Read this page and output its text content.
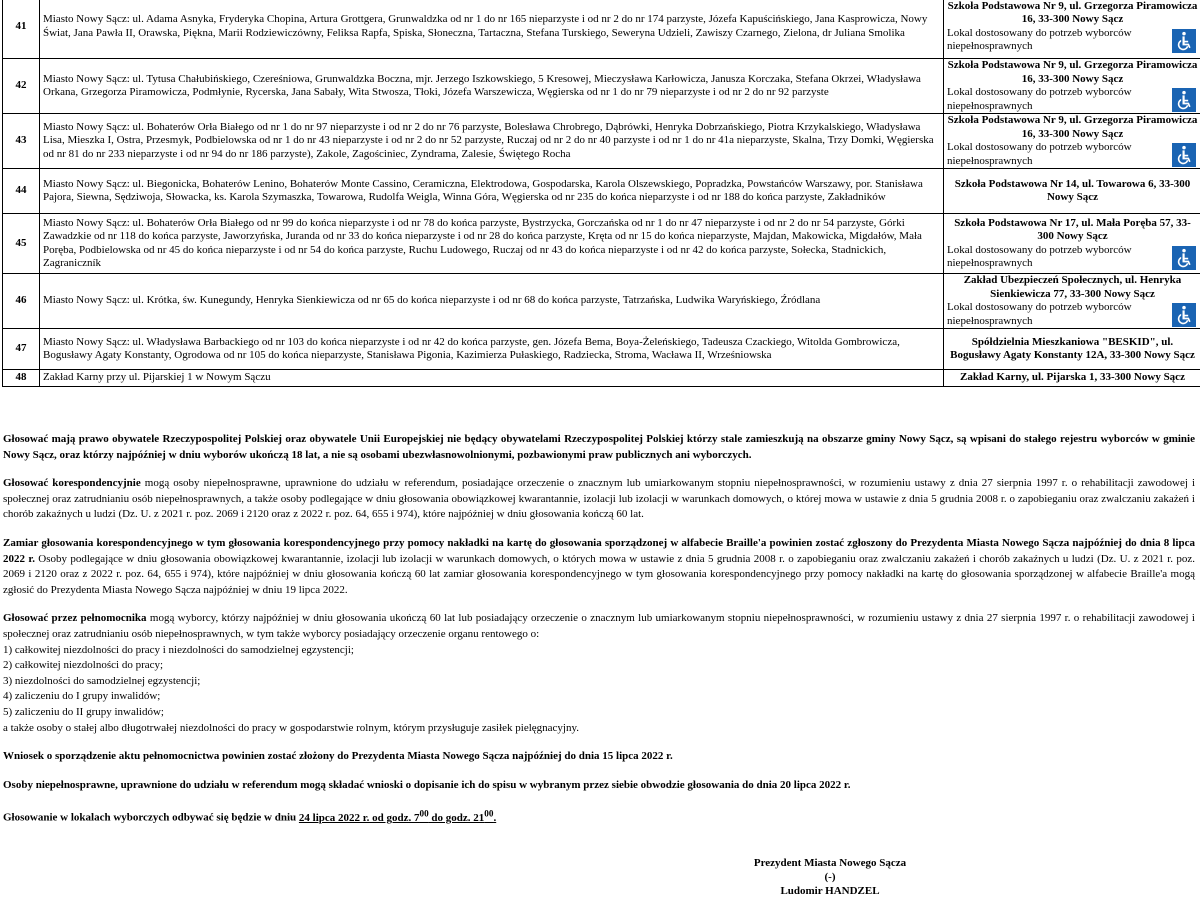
41	Miasto Nowy Sącz: ul. Adama Asnyka, Fryderyka Chopina, Artura Grottgera, Grunwaldzka od nr 1 do nr 165 nieparzyste i od nr 2 do nr 174 parzyste, Józefa Kapuścińskiego, Jana Kasprowicza, Nowy Świat, Jana Pawła II, Orawska, Piękna, Marii Rodziewiczówny, Feliksa Rapfa, Spiska, Słoneczna, Tartaczna, Stefana Turskiego, Seweryna Udzieli, Zawiszy Czarnego, Zielona, dr Juliana Smolika	Szkoła Podstawowa Nr 9, ul. Grzegorza Piramowicza 16, 33-300 Nowy Sącz
Lokal dostosowany do potrzeb wyborców niepełnosprawnych

42	Miasto Nowy Sącz: ul. Tytusa Chałubińskiego, Czereśniowa, Grunwaldzka Boczna, mjr. Jerzego Iszkowskiego, 5 Kresowej, Mieczysława Karłowicza, Janusza Korczaka, Stefana Okrzei, Władysława Orkana, Grzegorza Piramowicza, Podmłynie, Rycerska, Jana Sabały, Wita Stwosza, Tłoki, Józefa Warszewicza, Węgierska od nr 1 do nr 79 nieparzyste i od nr 2 do nr 92 parzyste	Szkoła Podstawowa Nr 9, ul. Grzegorza Piramowicza 16, 33-300 Nowy Sącz
Lokal dostosowany do potrzeb wyborców niepełnosprawnych

43	Miasto Nowy Sącz: ul. Bohaterów Orła Białego od nr 1 do nr 97 nieparzyste i od nr 2 do nr 76 parzyste, Bolesława Chrobrego, Dąbrówki, Henryka Dobrzańskiego, Piotra Krzykalskiego, Władysława Lisa, Mieszka I, Ostra, Przesmyk, Podbielowska od nr 1 do nr 43 nieparzyste i od nr 2 do nr 52 parzyste, Ruczaj od nr 2 do nr 40 parzyste i od nr 1 do nr 41a nieparzyste, Skalna, Trzy Domki, Węgierska od nr 81 do nr 233 nieparzyste i od nr 94 do nr 186 parzyste), Zakole, Zagościniec, Zyndrama, Zalesie, Świętego Rocha	Szkoła Podstawowa Nr 9, ul. Grzegorza Piramowicza 16, 33-300 Nowy Sącz
Lokal dostosowany do potrzeb wyborców niepełnosprawnych

44	Miasto Nowy Sącz: ul. Biegonicka, Bohaterów Lenino, Bohaterów Monte Cassino, Ceramiczna, Elektrodowa, Gospodarska, Karola Olszewskiego, Popradzka, Powstańców Warszawy, por. Stanisława Pajora, Siewna, Sędziwoja, Słowacka, ks. Karola Szymaszka, Towarowa, Rudolfa Weigla, Winna Góra, Węgierska od nr 235 do końca nieparzyste i od nr 188 do końca parzyste, Zakładników	Szkoła Podstawowa Nr 14, ul. Towarowa 6, 33-300 Nowy Sącz

45	Miasto Nowy Sącz: ul. Bohaterów Orła Białego od nr 99 do końca nieparzyste i od nr 78 do końca parzyste, Bystrzycka, Gorczańska od nr 1 do nr 47 nieparzyste i od nr 2 do nr 54 parzyste, Górki Zawadzkie od nr 118 do końca parzyste, Jaworzyńska, Juranda od nr 33 do końca nieparzyste i od nr 28 do końca parzyste, Kręta od nr 15 do końca nieparzyste, Majdan, Makowicka, Migdałów, Mała Poręba, Podbielowska od nr 45 do końca nieparzyste i od nr 54 do końca parzyste, Ruchu Ludowego, Ruczaj od nr 43 do końca nieparzyste i od nr 42 do końca parzyste, Sołecka, Stadnickich, Zagraniczník	Szkoła Podstawowa Nr 17, ul. Mała Poręba 57, 33-300 Nowy Sącz
Lokal dostosowany do potrzeb wyborców niepełnosprawnych

46	Miasto Nowy Sącz: ul. Krótka, św. Kunegundy, Henryka Sienkiewicza od nr 65 do końca nieparzyste i od nr 68 do końca parzyste, Tatrzańska, Ludwika Waryńskiego, Źródlana	Zakład Ubezpieczeń Społecznych, ul. Henryka Sienkiewicza 77, 33-300 Nowy Sącz
Lokal dostosowany do potrzeb wyborców niepełnosprawnych

47	Miasto Nowy Sącz: ul. Władysława Barbackiego od nr 103 do końca nieparzyste i od nr 42 do końca parzyste, gen. Józefa Bema, Boya-Żeleńskiego, Tadeusza Czackiego, Witolda Gombrowicza, Bogusławy Agaty Konstanty, Ogrodowa od nr 105 do końca nieparzyste, Stanisława Pigonia, Kazimierza Pułaskiego, Radziecka, Stroma, Wacława II, Wrześniowska	Spółdzielnia Mieszkaniowa "BESKID", ul. Bogusławy Agaty Konstanty 12A, 33-300 Nowy Sącz

48	Zakład Karny przy ul. Pijarskiej 1 w Nowym Sączu	Zakład Karny, ul. Pijarska 1, 33-300 Nowy Sącz

Głosować mają prawo obywatele Rzeczypospolitej Polskiej oraz obywatele Unii Europejskiej nie będący obywatelami Rzeczypospolitej Polskiej którzy stale zamieszkują na obszarze gminy Nowy Sącz, są wpisani do stałego rejestru wyborców w gminie Nowy Sącz, oraz którzy najpóźniej w dniu wyborów ukończą 18 lat, a nie są osobami ubezwłasnowolnionymi, pozbawionymi praw publicznych ani wyborczych.

Głosować korespondencyjnie mogą osoby niepełnosprawne, uprawnione do udziału w referendum, posiadające orzeczenie o znacznym lub umiarkowanym stopniu niepełnosprawności, w rozumieniu ustawy z dnia 27 sierpnia 1997 r. o rehabilitacji zawodowej i społecznej oraz zatrudnianiu osób niepełnosprawnych, a także osoby podlegające w dniu głosowania obowiązkowej kwarantannie, izolacji lub izolacji w warunkach domowych, o której mowa w ustawie z dnia 5 grudnia 2008 r. o zapobieganiu oraz zwalczaniu zakażeń i chorób zakaźnych u ludzi (Dz. U. z 2021 r. poz. 2069 i 2120 oraz z 2022 r. poz. 64, 655 i 974), które najpóźniej w dniu głosowania kończą 60 lat.

Zamiar głosowania korespondencyjnego w tym głosowania korespondencyjnego przy pomocy nakładki na kartę do głosowania sporządzonej w alfabecie Braille'a powinien zostać zgłoszony do Prezydenta Miasta Nowego Sącza najpóźniej do dnia 8 lipca 2022 r. Osoby podlegające w dniu głosowania obowiązkowej kwarantannie, izolacji lub izolacji w warunkach domowych, o których mowa w ustawie z dnia 5 grudnia 2008 r. o zapobieganiu oraz zwalczaniu zakażeń i chorób zakaźnych u ludzi (Dz. U. z 2021 r. poz. 2069 i 2120 oraz z 2022 r. poz. 64, 655 i 974), które najpóźniej w dniu głosowania kończą 60 lat zamiar głosowania korespondencyjnego w tym głosowania korespondencyjnego przy pomocy nakładki na kartę do głosowania sporządzonej w alfabecie Braille'a mogą zgłosić do Prezydenta Miasta Nowego Sącza najpóźniej w dniu 19 lipca 2022.

Głosować przez pełnomocnika mogą wyborcy, którzy najpóźniej w dniu głosowania ukończą 60 lat lub posiadający orzeczenie o znacznym lub umiarkowanym stopniu niepełnosprawności, w rozumieniu ustawy z dnia 27 sierpnia 1997 r. o rehabilitacji zawodowej i społecznej oraz zatrudnianiu osób niepełnosprawnych, w tym także wyborcy posiadający orzeczenie organu rentowego o:

1) całkowitej niezdolności do pracy i niezdolności do samodzielnej egzystencji;

2) całkowitej niezdolności do pracy;

3) niezdolności do samodzielnej egzystencji;

4) zaliczeniu do I grupy inwalidów;

5) zaliczeniu do II grupy inwalidów;

a także osoby o stałej albo długotrwałej niezdolności do pracy w gospodarstwie rolnym, którym przysługuje zasiłek pielęgnacyjny.

Wniosek o sporządzenie aktu pełnomocnictwa powinien zostać złożony do Prezydenta Miasta Nowego Sącza najpóźniej do dnia 15 lipca 2022 r.

Osoby niepełnosprawne, uprawnione do udziału w referendum mogą składać wnioski o dopisanie ich do spisu w wybranym przez siebie obwodzie głosowania do dnia 20 lipca 2022 r.

Głosowanie w lokalach wyborczych odbywać się będzie w dniu 24 lipca 2022 r. od godz. $7^{00}$ do godz. $21^{00}$.

Prezydent Miasta Nowego Sącza
(-)
Ludomir HANDZEL
